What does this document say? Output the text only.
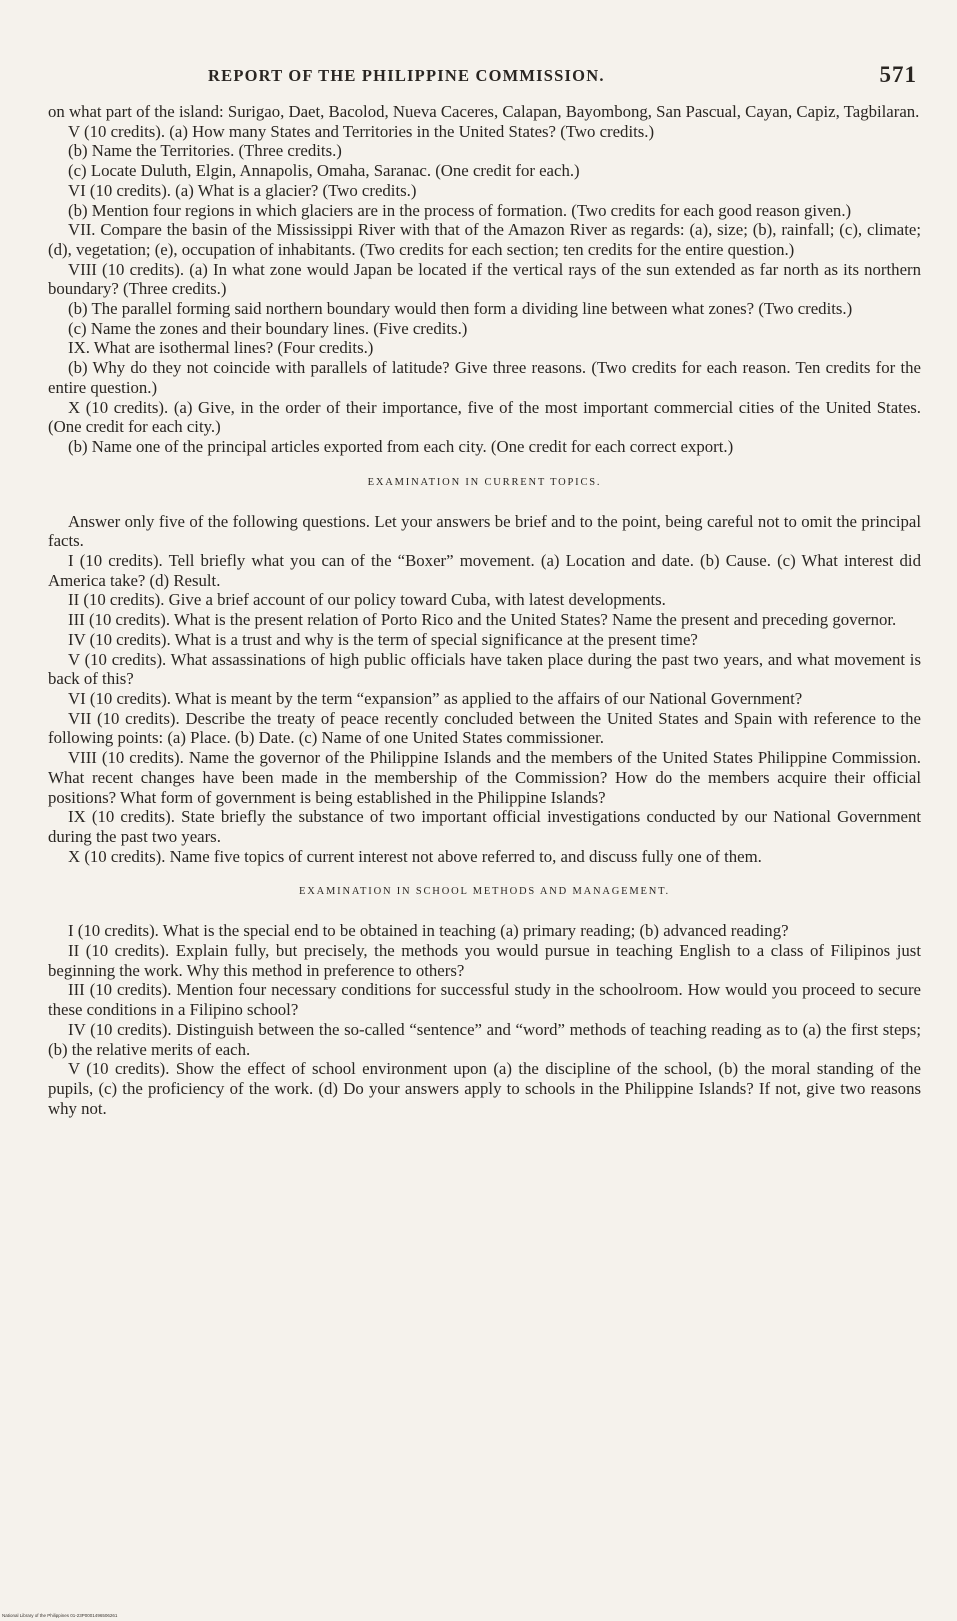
REPORT OF THE PHILIPPINE COMMISSION.	571

on what part of the island: Surigao, Daet, Bacolod, Nueva Caceres, Calapan, Bayombong, San Pascual, Cayan, Capiz, Tagbilaran.

V (10 credits). (a) How many States and Territories in the United States? (Two credits.)

(b) Name the Territories. (Three credits.)

(c) Locate Duluth, Elgin, Annapolis, Omaha, Saranac. (One credit for each.)

VI (10 credits). (a) What is a glacier? (Two credits.)

(b) Mention four regions in which glaciers are in the process of formation. (Two credits for each good reason given.)

VII. Compare the basin of the Mississippi River with that of the Amazon River as regards: (a), size; (b), rainfall; (c), climate; (d), vegetation; (e), occupation of inhabitants. (Two credits for each section; ten credits for the entire question.)

VIII (10 credits). (a) In what zone would Japan be located if the vertical rays of the sun extended as far north as its northern boundary? (Three credits.)

(b) The parallel forming said northern boundary would then form a dividing line between what zones? (Two credits.)

(c) Name the zones and their boundary lines. (Five credits.)

IX. What are isothermal lines? (Four credits.)

(b) Why do they not coincide with parallels of latitude? Give three reasons. (Two credits for each reason. Ten credits for the entire question.)

X (10 credits). (a) Give, in the order of their importance, five of the most important commercial cities of the United States. (One credit for each city.)

(b) Name one of the principal articles exported from each city. (One credit for each correct export.)

EXAMINATION IN CURRENT TOPICS.

Answer only five of the following questions. Let your answers be brief and to the point, being careful not to omit the principal facts.

I (10 credits). Tell briefly what you can of the “Boxer” movement. (a) Location and date. (b) Cause. (c) What interest did America take? (d) Result.

II (10 credits). Give a brief account of our policy toward Cuba, with latest developments.

III (10 credits). What is the present relation of Porto Rico and the United States? Name the present and preceding governor.

IV (10 credits). What is a trust and why is the term of special significance at the present time?

V (10 credits). What assassinations of high public officials have taken place during the past two years, and what movement is back of this?

VI (10 credits). What is meant by the term “expansion” as applied to the affairs of our National Government?

VII (10 credits). Describe the treaty of peace recently concluded between the United States and Spain with reference to the following points: (a) Place. (b) Date. (c) Name of one United States commissioner.

VIII (10 credits). Name the governor of the Philippine Islands and the members of the United States Philippine Commission. What recent changes have been made in the membership of the Commission? How do the members acquire their official positions? What form of government is being established in the Philippine Islands?

IX (10 credits). State briefly the substance of two important official investigations conducted by our National Government during the past two years.

X (10 credits). Name five topics of current interest not above referred to, and discuss fully one of them.

EXAMINATION IN SCHOOL METHODS AND MANAGEMENT.

I (10 credits). What is the special end to be obtained in teaching (a) primary reading; (b) advanced reading?

II (10 credits). Explain fully, but precisely, the methods you would pursue in teaching English to a class of Filipinos just beginning the work. Why this method in preference to others?

III (10 credits). Mention four necessary conditions for successful study in the schoolroom. How would you proceed to secure these conditions in a Filipino school?

IV (10 credits). Distinguish between the so-called “sentence” and “word” methods of teaching reading as to (a) the first steps; (b) the relative merits of each.

V (10 credits). Show the effect of school environment upon (a) the discipline of the school, (b) the moral standing of the pupils, (c) the proficiency of the work. (d) Do your answers apply to schools in the Philippine Islands? If not, give two reasons why not.

National Library of the Philippines 01-23P0001496506261
